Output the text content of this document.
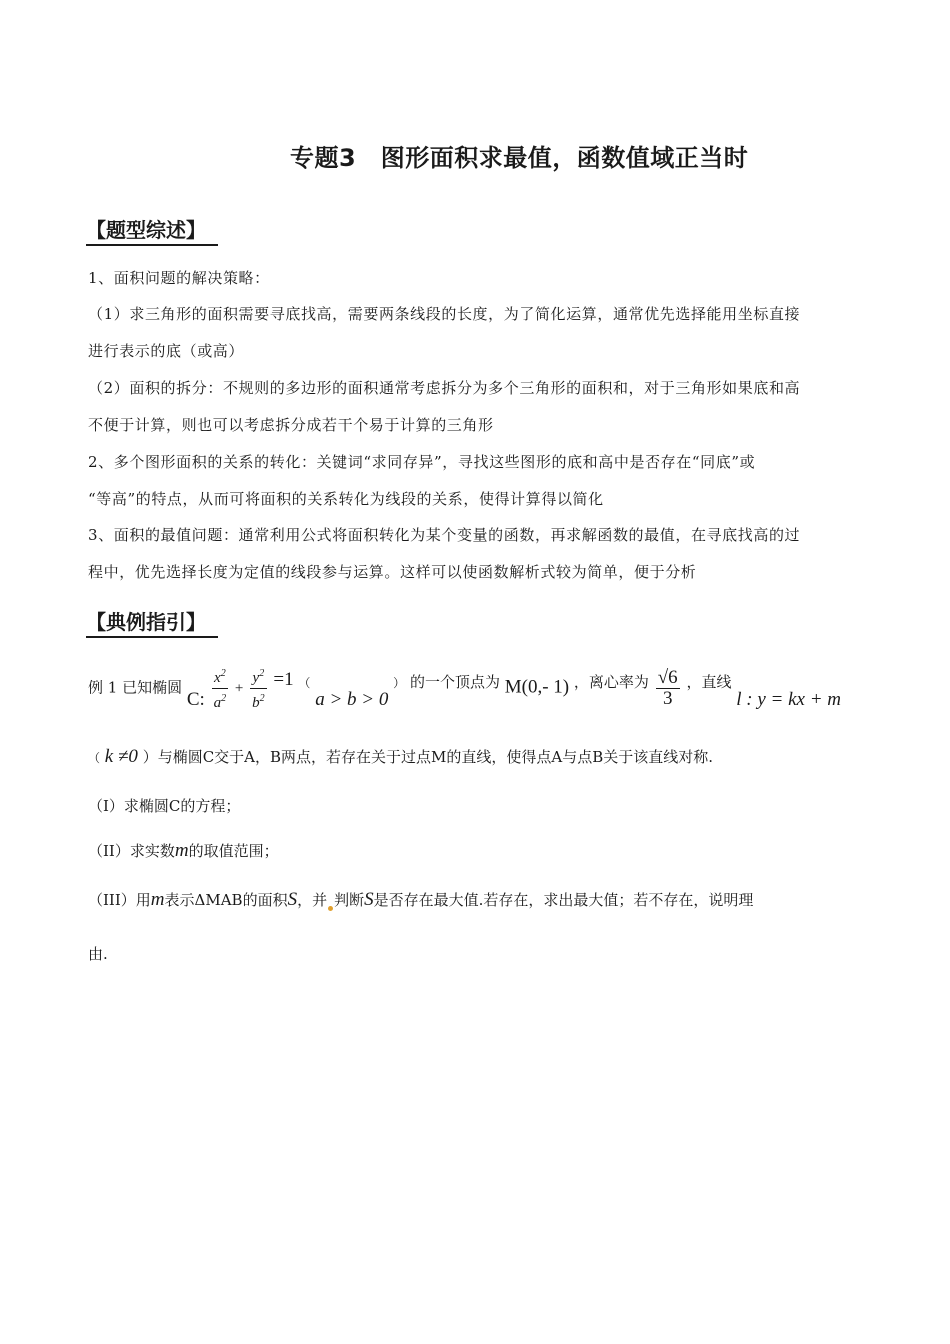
专题3　图形面积求最值，函数值域正当时
【题型综述】
1、面积问题的解决策略：
（1）求三角形的面积需要寻底找高，需要两条线段的长度，为了简化运算，通常优先选择能用坐标直接
进行表示的底（或高）
（2）面积的拆分：不规则的多边形的面积通常考虑拆分为多个三角形的面积和，对于三角形如果底和高
不便于计算，则也可以考虑拆分成若干个易于计算的三角形
2、多个图形面积的关系的转化：关键词“求同存异”，寻找这些图形的底和高中是否存在“同底”或
“等高”的特点，从而可将面积的关系转化为线段的关系，使得计算得以简化
3、面积的最值问题：通常利用公式将面积转化为某个变量的函数，再求解函数的最值，在寻底找高的过
程中，优先选择长度为定值的线段参与运算。这样可以使函数解析式较为简单，便于分析
【典例指引】
例 1 已知椭圆 C: $\frac{x^2}{a^2} + \frac{y^2}{b^2} =1$ （ a > b > 0 ） 的一个顶点为 M(0,- 1) ，离心率为 $\frac{√6}{3}$ ，直线 l : y = kx + m
（ k ≠0 ）与椭圆C交于A，B两点，若存在关于过点M的直线，使得点A与点B关于该直线对称.
（I）求椭圆C的方程；
（II）求实数m的取值范围；
（III）用m表示ΔMAB的面积S，并 判断S是否存在最大值.若存在，求出最大值；若不存在，说明理
由.
